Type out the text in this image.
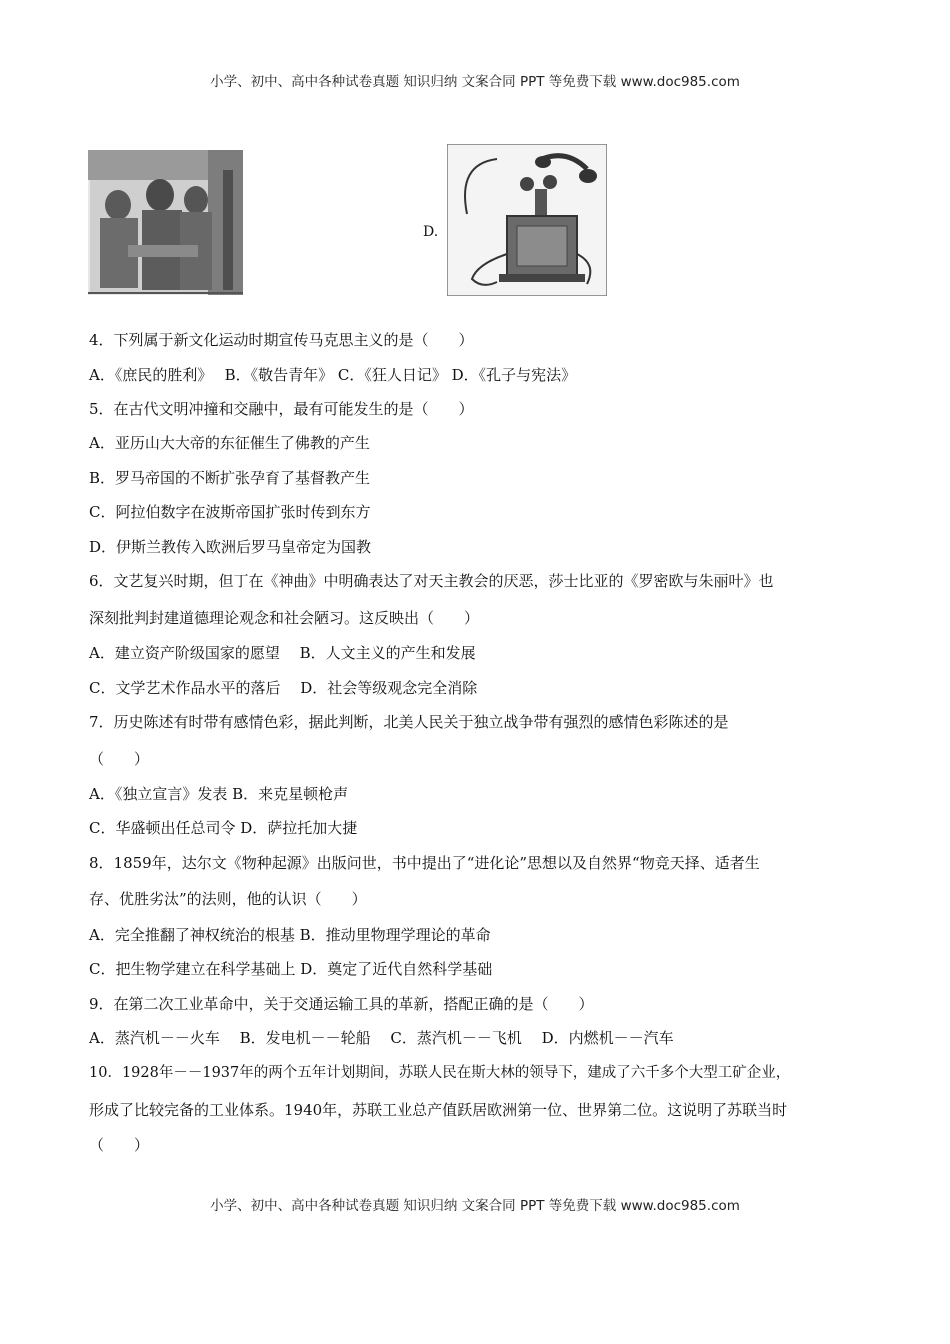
小学、初中、高中各种试卷真题 知识归纳 文案合同 PPT 等免费下载 www.doc985.com
D.
4．下列属于新文化运动时期宣传马克思主义的是（　　）
A．《庶民的胜利》　 B．《敬告青年》 C．《狂人日记》 D．《孔子与宪法》
5．在古代文明冲撞和交融中，最有可能发生的是（　　）
A．亚历山大大帝的东征催生了佛教的产生
B．罗马帝国的不断扩张孕育了基督教产生
C．阿拉伯数字在波斯帝国扩张时传到东方
D．伊斯兰教传入欧洲后罗马皇帝定为国教
6．文艺复兴时期，但丁在《神曲》中明确表达了对天主教会的厌恶，莎士比亚的《罗密欧与朱丽叶》也
深刻批判封建道德理论观念和社会陋习。这反映出（　　）
A．建立资产阶级国家的愿望　 B．人文主义的产生和发展
C．文学艺术作品水平的落后　 D．社会等级观念完全消除
7．历史陈述有时带有感情色彩，据此判断，北美人民关于独立战争带有强烈的感情色彩陈述的是
（　　）
A．《独立宣言》发表 B．来克星顿枪声
C．华盛顿出任总司令 D．萨拉托加大捷
8．1859年，达尔文《物种起源》出版问世，书中提出了“进化论”思想以及自然界“物竞天择、适者生
存、优胜劣汰”的法则，他的认识（　　）
A．完全推翻了神权统治的根基 B．推动里物理学理论的革命
C．把生物学建立在科学基础上 D．奠定了近代自然科学基础
9．在第二次工业革命中，关于交通运输工具的革新，搭配正确的是（　　）
A．蒸汽机－－火车　 B．发电机－－轮船　 C．蒸汽机－－飞机　 D．内燃机－－汽车
10．1928年－－1937年的两个五年计划期间，苏联人民在斯大林的领导下，建成了六千多个大型工矿企业，
形成了比较完备的工业体系。1940年，苏联工业总产值跃居欧洲第一位、世界第二位。这说明了苏联当时
（　　）
小学、初中、高中各种试卷真题 知识归纳 文案合同 PPT 等免费下载 www.doc985.com
